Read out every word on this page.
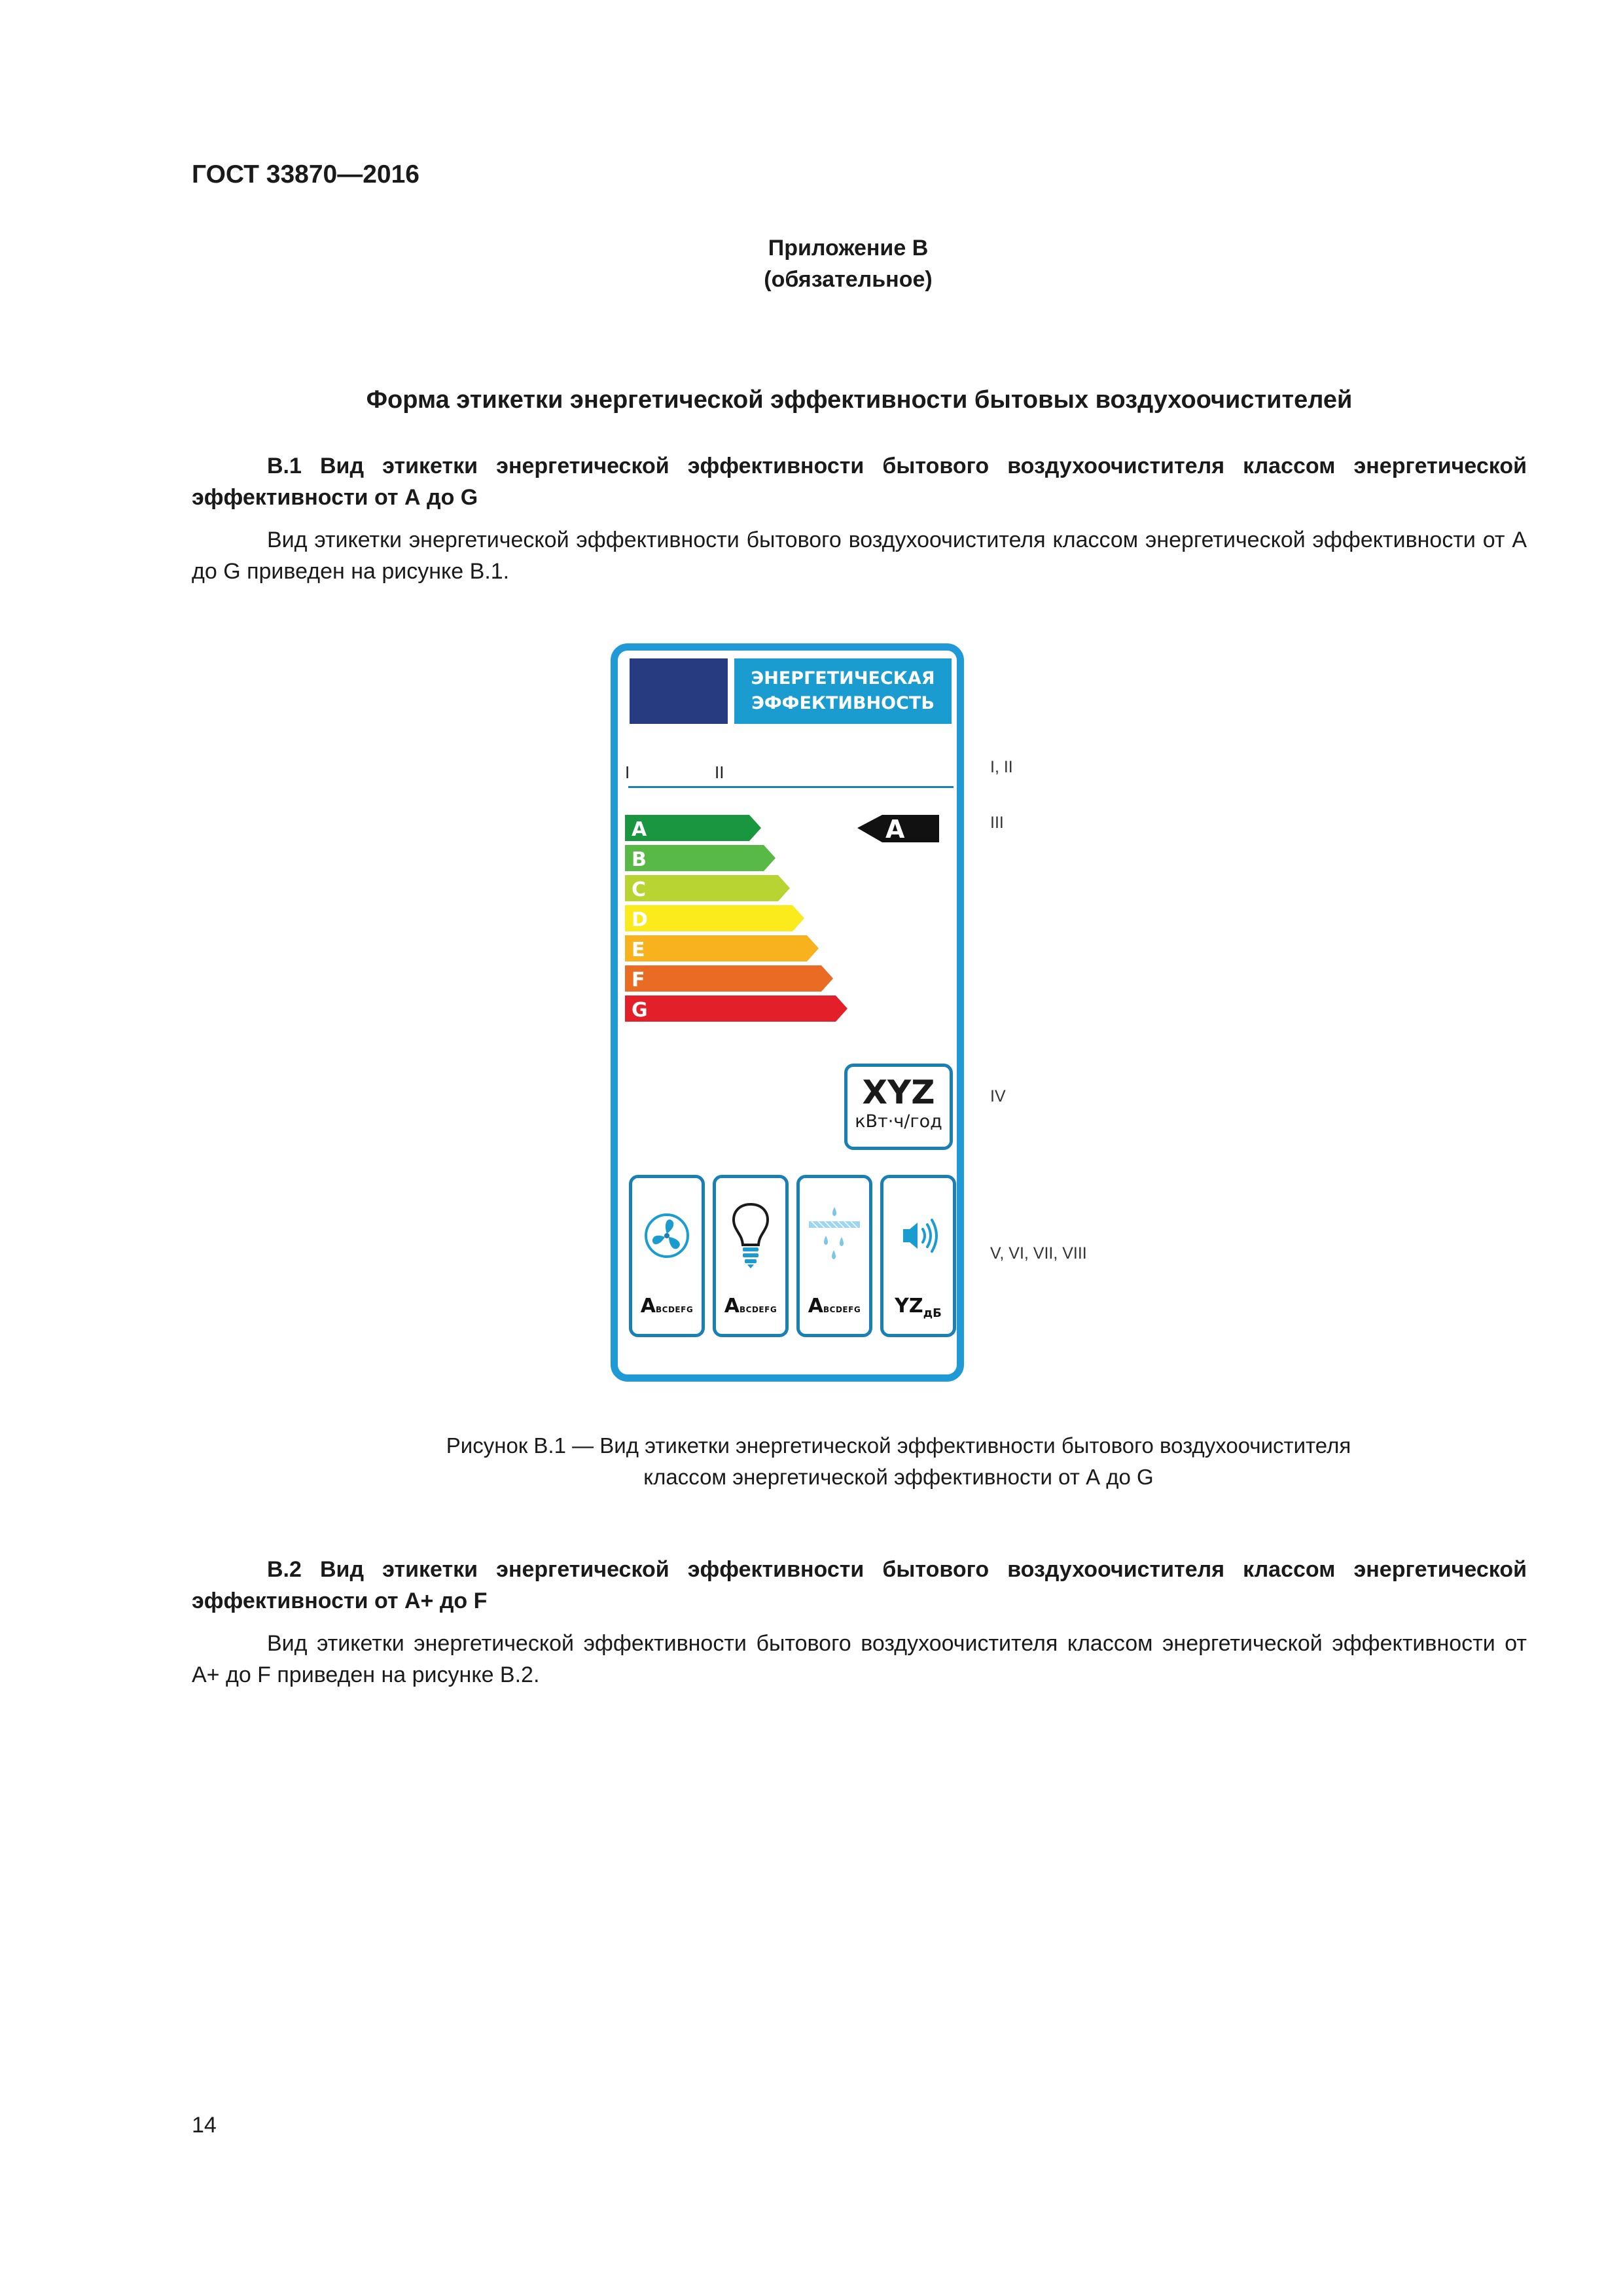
ГОСТ 33870—2016
Приложение В
(обязательное)
Форма этикетки энергетической эффективности бытовых воздухоочистителей
В.1 Вид этикетки энергетической эффективности бытового воздухоочистителя классом энергетической эффективности от А до G
Вид этикетки энергетической эффективности бытового воздухоочистителя классом энергетической эффективности от А до G приведен на рисунке В.1.
ЭНЕРГЕТИЧЕСКАЯ
ЭФФЕКТИВНОСТЬ
I	II
A
B
C
D
E
F
G
A
XYZ
кВт·ч/год
ABCDEFG	ABCDEFG	ABCDEFG	$YZ_{дБ}$
I, II
III
IV
V, VI, VII, VIII
Рисунок В.1 — Вид этикетки энергетической эффективности бытового воздухоочистителя
классом энергетической эффективности от А до G
В.2 Вид этикетки энергетической эффективности бытового воздухоочистителя классом энергетической эффективности от А+ до F
Вид этикетки энергетической эффективности бытового воздухоочистителя классом энергетической эффективности от А+ до F приведен на рисунке В.2.
14
